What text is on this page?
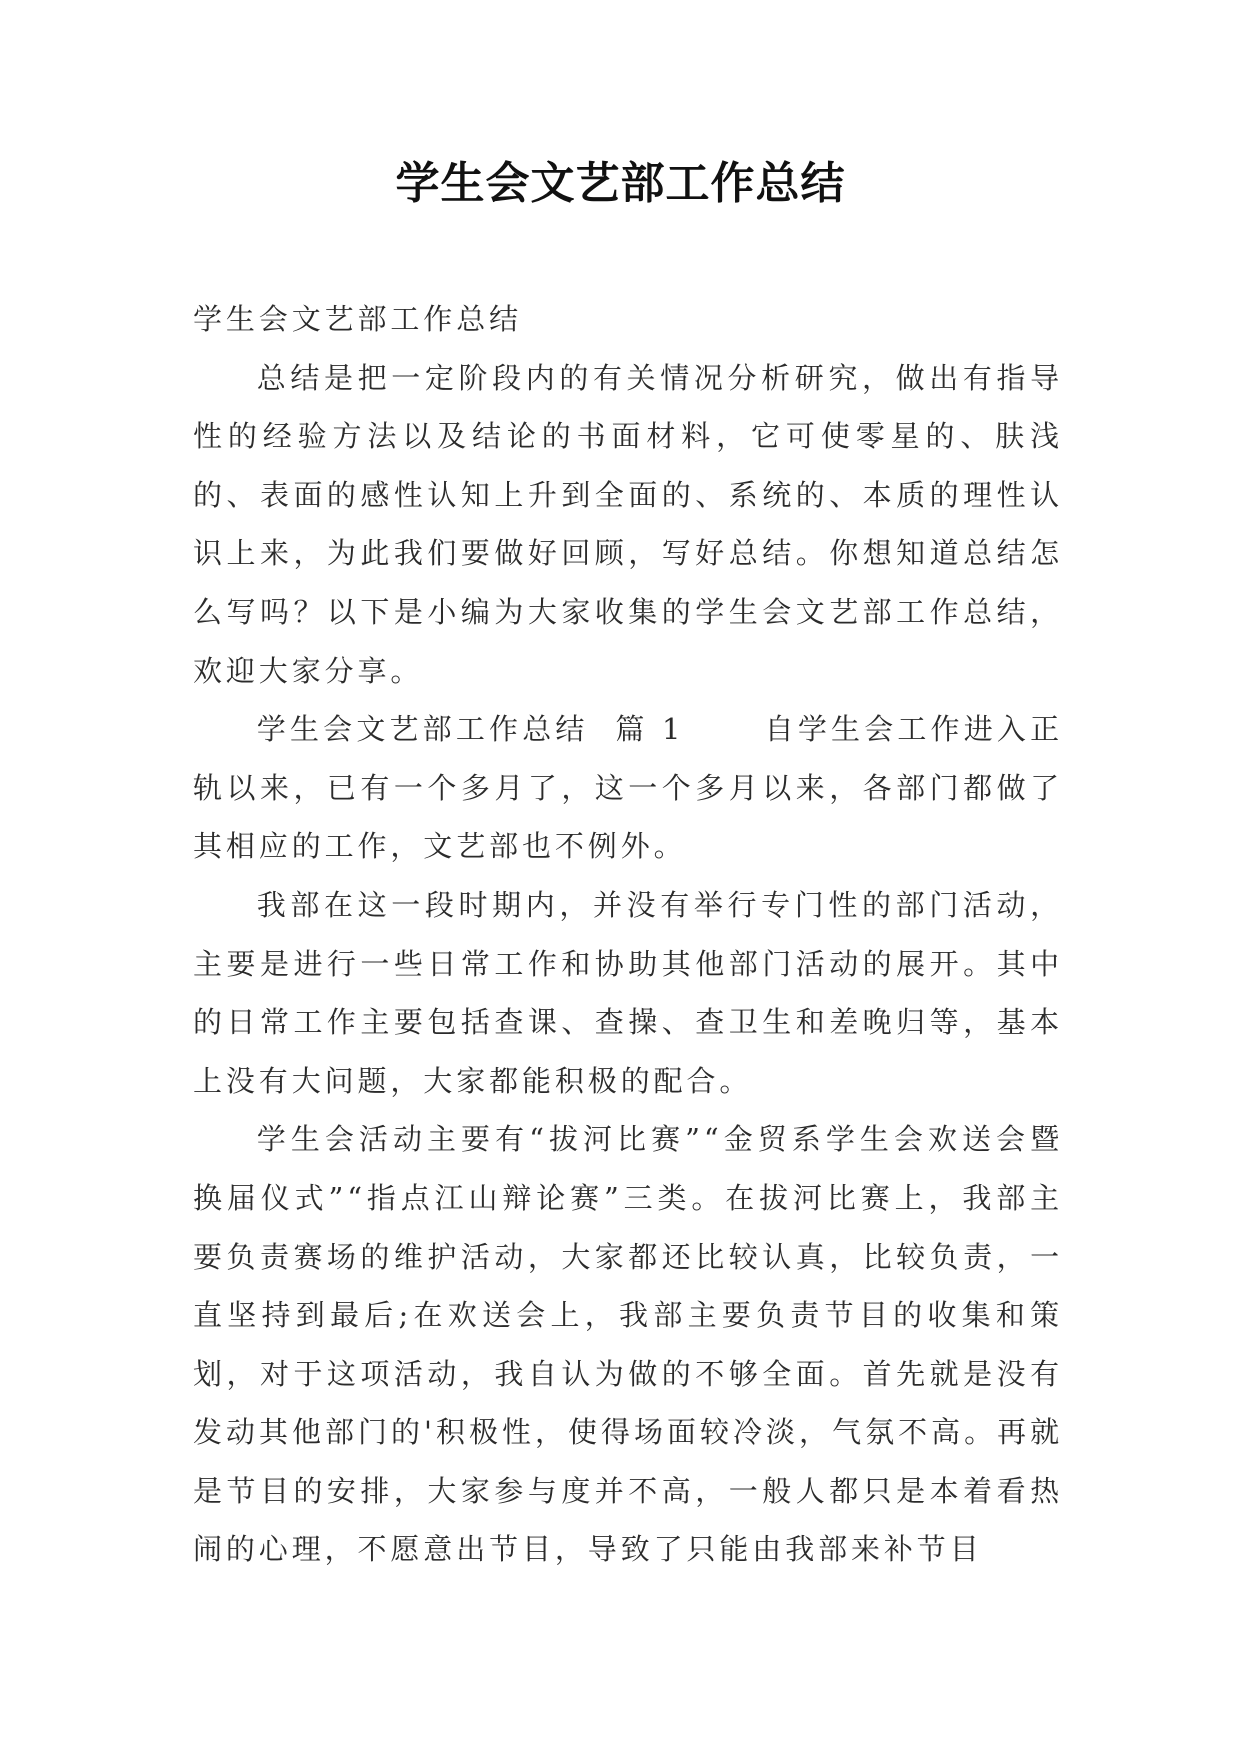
学生会文艺部工作总结

学生会文艺部工作总结

总结是把一定阶段内的有关情况分析研究，做出有指导性的经验方法以及结论的书面材料，它可使零星的、肤浅的、表面的感性认知上升到全面的、系统的、本质的理性认识上来，为此我们要做好回顾，写好总结。你想知道总结怎么写吗？以下是小编为大家收集的学生会文艺部工作总结，欢迎大家分享。

学生会文艺部工作总结  篇 1      自学生会工作进入正轨以来，已有一个多月了，这一个多月以来，各部门都做了其相应的工作，文艺部也不例外。

我部在这一段时期内，并没有举行专门性的部门活动，主要是进行一些日常工作和协助其他部门活动的展开。其中的日常工作主要包括查课、查操、查卫生和差晚归等，基本上没有大问题，大家都能积极的配合。

学生会活动主要有“拔河比赛”“金贸系学生会欢送会暨换届仪式”“指点江山辩论赛”三类。在拔河比赛上，我部主要负责赛场的维护活动，大家都还比较认真，比较负责，一直坚持到最后;在欢送会上，我部主要负责节目的收集和策划，对于这项活动，我自认为做的不够全面。首先就是没有发动其他部门的'积极性，使得场面较冷淡，气氛不高。再就是节目的安排，大家参与度并不高，一般人都只是本着看热闹的心理，不愿意出节目，导致了只能由我部来补节目
